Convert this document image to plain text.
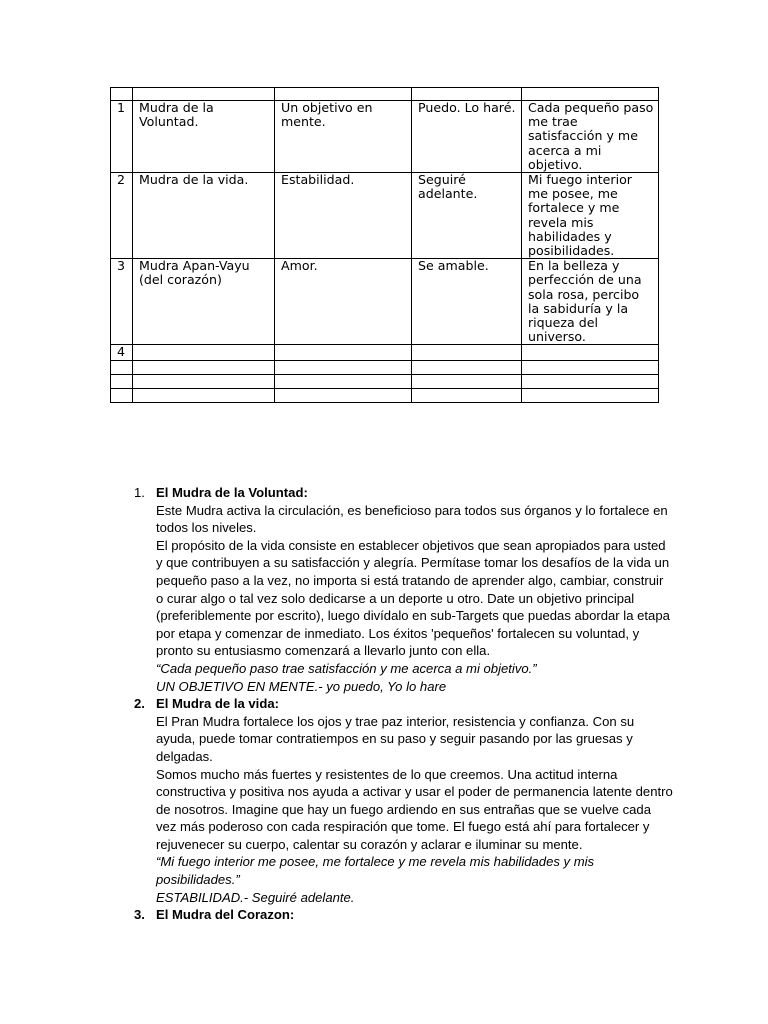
1	Mudra de la Voluntad.	Un objetivo en mente.	Puedo. Lo haré.	Cada pequeño paso me trae satisfacción y me acerca a mi objetivo.
2	Mudra de la vida.	Estabilidad.	Seguiré adelante.	Mi fuego interior me posee, me fortalece y me revela mis habilidades y posibilidades.
3	Mudra Apan-Vayu (del corazón)	Amor.	Se amable.	En la belleza y perfección de una sola rosa, percibo la sabiduría y la riqueza del universo.
4				

1. El Mudra de la Voluntad:
Este Mudra activa la circulación, es beneficioso para todos sus órganos y lo fortalece en todos los niveles.
El propósito de la vida consiste en establecer objetivos que sean apropiados para usted y que contribuyen a su satisfacción y alegría. Permítase tomar los desafíos de la vida un pequeño paso a la vez, no importa si está tratando de aprender algo, cambiar, construir o curar algo o tal vez solo dedicarse a un deporte u otro. Date un objetivo principal (preferiblemente por escrito), luego divídalo en sub-Targets que puedas abordar la etapa por etapa y comenzar de inmediato. Los éxitos 'pequeños' fortalecen su voluntad, y pronto su entusiasmo comenzará a llevarlo junto con ella.
“Cada pequeño paso trae satisfacción y me acerca a mi objetivo.”
UN OBJETIVO EN MENTE.- yo puedo, Yo lo hare
2. El Mudra de la vida:
El Pran Mudra fortalece los ojos y trae paz interior, resistencia y confianza. Con su ayuda, puede tomar contratiempos en su paso y seguir pasando por las gruesas y delgadas.
Somos mucho más fuertes y resistentes de lo que creemos. Una actitud interna constructiva y positiva nos ayuda a activar y usar el poder de permanencia latente dentro de nosotros. Imagine que hay un fuego ardiendo en sus entrañas que se vuelve cada vez más poderoso con cada respiración que tome. El fuego está ahí para fortalecer y rejuvenecer su cuerpo, calentar su corazón y aclarar e iluminar su mente.
“Mi fuego interior me posee, me fortalece y me revela mis habilidades y mis posibilidades.”
ESTABILIDAD.- Seguiré adelante.
3. El Mudra del Corazon:
